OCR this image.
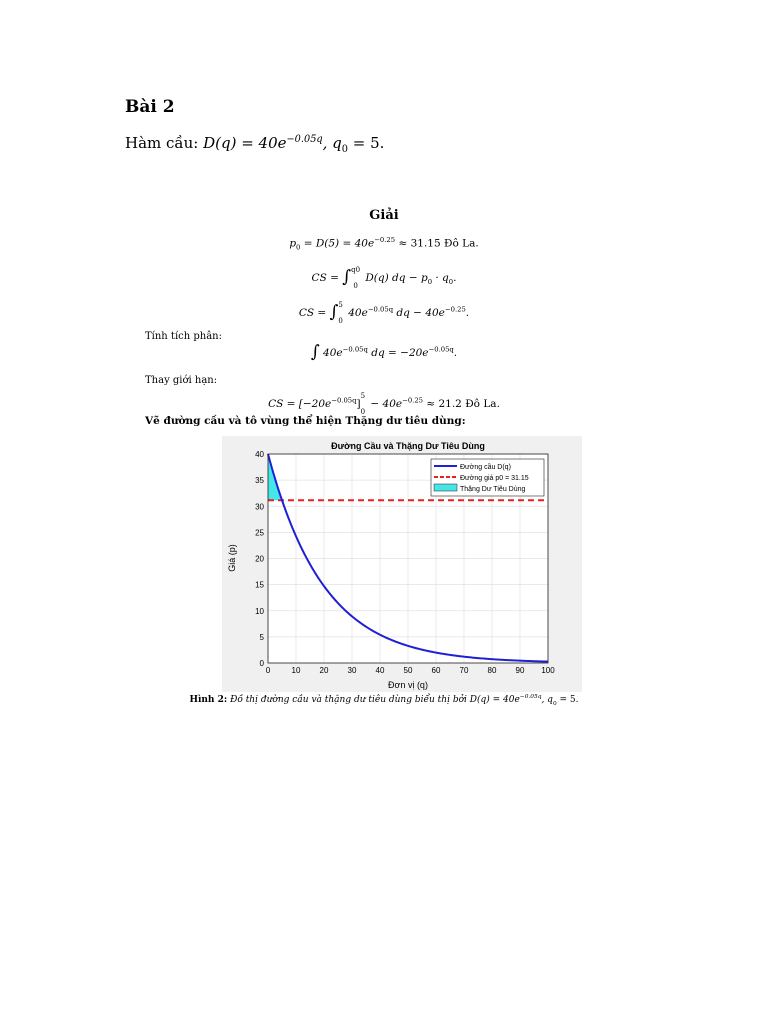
Bài 2
Hàm cầu: $D(q) = 40e^{-0.05q}$, $q_0 = 5$.
Giải
$p_0 = D(5) = 40e^{-0.25} \approx 31.15$ Đô La.
CS = ∫ q0
0
D(q) dq − $p_0 \cdot q_0$.
CS = ∫ 5
0
$40e^{-0.05q}$ dq − $40e^{-0.25}$.
Tính tích phân:
∫ $40e^{-0.05q}$ dq = $-20e^{-0.05q}$.
Thay giới hạn:
CS = $[-20e^{-0.05q}]$
5
0
− $40e^{-0.25} \approx 21.2$ Đô La.
Vẽ đường cầu và tô vùng thể hiện Thặng dư tiêu dùng:
0	10 20 30 40 50 60 70 80 90 100
0
5
10
15
20
25
30
35
40
Đường Cầu và Thặng Dư Tiêu Dùng
Đơn vị (q)
Giá (p)
Đường cầu D(q)
Đường giá p0 = 31.15
Thặng Dư Tiêu Dùng
Hình 2: Đồ thị đường cầu và thặng dư tiêu dùng biểu thị bởi $D(q) = 40e^{-0.05q}$, $q_0 = 5$.
